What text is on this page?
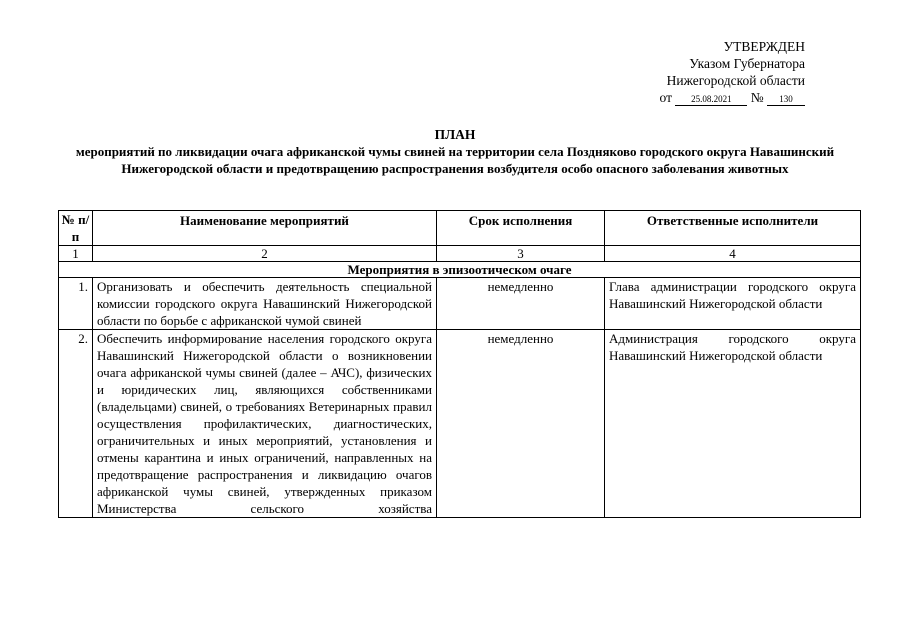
УТВЕРЖДЕН
Указом Губернатора
Нижегородской области
от 25.08.2021 № 130
ПЛАН
мероприятий по ликвидации очага африканской чумы свиней на территории села Поздняково городского округа Навашинский Нижегородской области и предотвращению распространения возбудителя особо опасного заболевания животных
№ п/п	Наименование мероприятий	Срок исполнения	Ответственные исполнители
1	2	3	4
Мероприятия в эпизоотическом очаге			
1.	Организовать и обеспечить деятельность специальной комиссии городского округа Навашинский Нижегородской области по борьбе с африканской чумой свиней	немедленно	Глава администрации городского округа Навашинский Нижегородской области
2.	Обеспечить информирование населения городского округа Навашинский Нижегородской области о возникновении очага африканской чумы свиней (далее – АЧС), физических и юридических лиц, являющихся собственниками (владельцами) свиней, о требованиях Ветеринарных правил осуществления профилактических, диагностических, ограничительных и иных мероприятий, установления и отмены карантина и иных ограничений, направленных на предотвращение распространения и ликвидацию очагов африканской чумы свиней, утвержденных приказом Министерства сельского хозяйства	немедленно	Администрация городского округа Навашинский Нижегородской области
